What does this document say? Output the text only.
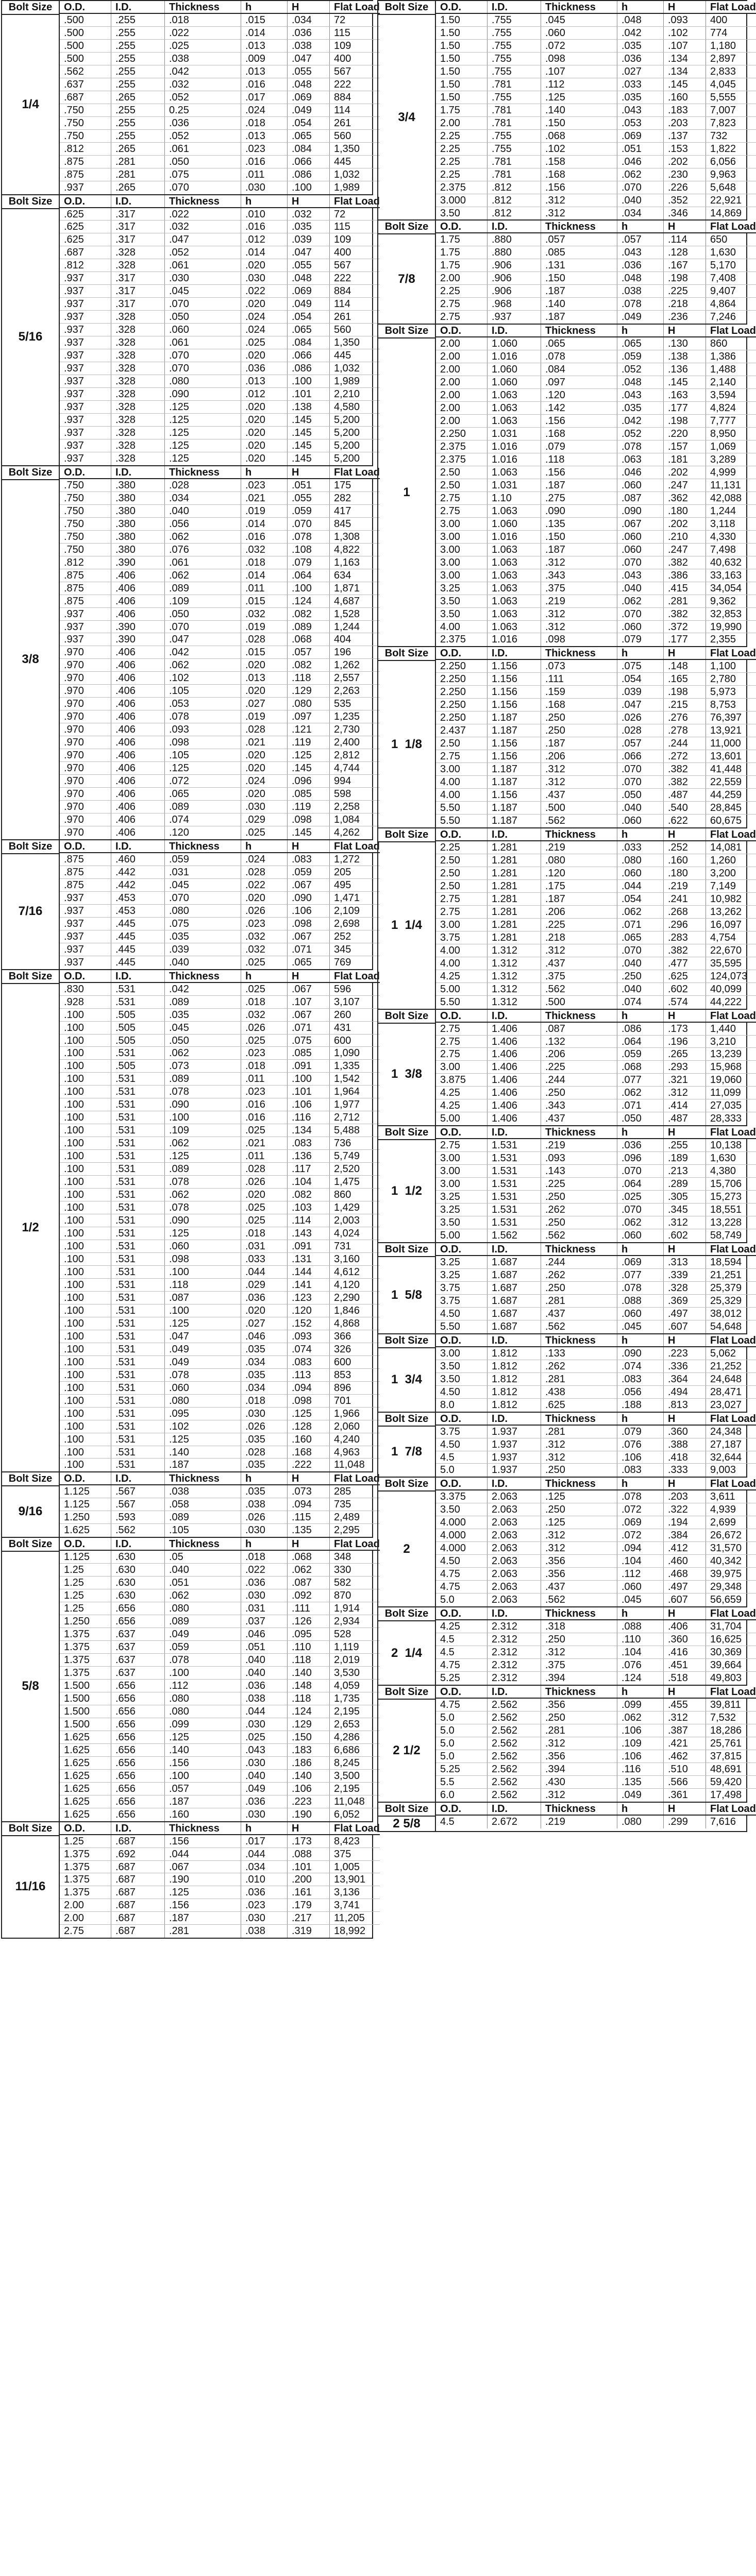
Bolt Size
1/4
O.D.	I.D.	Thickness	h	H	Flat Load
.500	.255	.018	.015	.034	72
.500	.255	.022	.014	.036	115
.500	.255	.025	.013	.038	109
.500	.255	.038	.009	.047	400
.562	.255	.042	.013	.055	567
.637	.255	.032	.016	.048	222
.687	.265	.052	.017	.069	884
.750	.255	0.25	.024	.049	114
.750	.255	.036	.018	.054	261
.750	.255	.052	.013	.065	560
.812	.265	.061	.023	.084	1,350
.875	.281	.050	.016	.066	445
.875	.281	.075	.011	.086	1,032
.937	.265	.070	.030	.100	1,989
Bolt Size
5/16
O.D.	I.D.	Thickness	h	H	Flat Load
.625	.317	.022	.010	.032	72
.625	.317	.032	.016	.035	115
.625	.317	.047	.012	.039	109
.687	.328	.052	.014	.047	400
.812	.328	.061	.020	.055	567
.937	.317	.030	.030	.048	222
.937	.317	.045	.022	.069	884
.937	.317	.070	.020	.049	114
.937	.328	.050	.024	.054	261
.937	.328	.060	.024	.065	560
.937	.328	.061	.025	.084	1,350
.937	.328	.070	.020	.066	445
.937	.328	.070	.036	.086	1,032
.937	.328	.080	.013	.100	1,989
.937	.328	.090	.012	.101	2,210
.937	.328	.125	.020	.138	4,580
.937	.328	.125	.020	.145	5,200
.937	.328	.125	.020	.145	5,200
.937	.328	.125	.020	.145	5,200
.937	.328	.125	.020	.145	5,200
Bolt Size
3/8
O.D.	I.D.	Thickness	h	H	Flat Load
.750	.380	.028	.023	.051	175
.750	.380	.034	.021	.055	282
.750	.380	.040	.019	.059	417
.750	.380	.056	.014	.070	845
.750	.380	.062	.016	.078	1,308
.750	.380	.076	.032	.108	4,822
.812	.390	.061	.018	.079	1,163
.875	.406	.062	.014	.064	634
.875	.406	.089	.011	.100	1,871
.875	.406	.109	.015	.124	4,687
.937	.406	.050	.032	.082	1,528
.937	.390	.070	.019	.089	1,244
.937	.390	.047	.028	.068	404
.970	.406	.042	.015	.057	196
.970	.406	.062	.020	.082	1,262
.970	.406	.102	.013	.118	2,557
.970	.406	.105	.020	.129	2,263
.970	.406	.053	.027	.080	535
.970	.406	.078	.019	.097	1,235
.970	.406	.093	.028	.121	2,730
.970	.406	.098	.021	.119	2,400
.970	.406	.105	.020	.125	2,812
.970	.406	.125	.020	.145	4,744
.970	.406	.072	.024	.096	994
.970	.406	.065	.020	.085	598
.970	.406	.089	.030	.119	2,258
.970	.406	.074	.029	.098	1,084
.970	.406	.120	.025	.145	4,262
Bolt Size
7/16
O.D.	I.D.	Thickness	h	H	Flat Load
.875	.460	.059	.024	.083	1,272
.875	.442	.031	.028	.059	205
.875	.442	.045	.022	.067	495
.937	.453	.070	.020	.090	1,471
.937	.453	.080	.026	.106	2,109
.937	.445	.075	.023	.098	2,698
.937	.445	.035	.032	.067	252
.937	.445	.039	.032	.071	345
.937	.445	.040	.025	.065	769
Bolt Size
1/2
O.D.	I.D.	Thickness	h	H	Flat Load
.830	.531	.042	.025	.067	596
.928	.531	.089	.018	.107	3,107
.100	.505	.035	.032	.067	260
.100	.505	.045	.026	.071	431
.100	.505	.050	.025	.075	600
.100	.531	.062	.023	.085	1,090
.100	.505	.073	.018	.091	1,335
.100	.531	.089	.011	.100	1,542
.100	.531	.078	.023	.101	1,964
.100	.531	.090	.016	.106	1,977
.100	.531	.100	.016	.116	2,712
.100	.531	.109	.025	.134	5,488
.100	.531	.062	.021	.083	736
.100	.531	.125	.011	.136	5,749
.100	.531	.089	.028	.117	2,520
.100	.531	.078	.026	.104	1,475
.100	.531	.062	.020	.082	860
.100	.531	.078	.025	.103	1,429
.100	.531	.090	.025	.114	2,003
.100	.531	.125	.018	.143	4,024
.100	.531	.060	.031	.091	731
.100	.531	.098	.033	.131	3,160
.100	.531	.100	.044	.144	4,612
.100	.531	.118	.029	.141	4,120
.100	.531	.087	.036	.123	2,290
.100	.531	.100	.020	.120	1,846
.100	.531	.125	.027	.152	4,868
.100	.531	.047	.046	.093	366
.100	.531	.049	.035	.074	326
.100	.531	.049	.034	.083	600
.100	.531	.078	.035	.113	853
.100	.531	.060	.034	.094	896
.100	.531	.080	.018	.098	701
.100	.531	.095	.030	.125	1,966
.100	.531	.102	.026	.128	2,060
.100	.531	.125	.035	.160	4,240
.100	.531	.140	.028	.168	4,963
.100	.531	.187	.035	.222	11,048
Bolt Size
9/16
O.D.	I.D.	Thickness	h	H	Flat Load
1.125	.567	.038	.035	.073	285
1.125	.567	.058	.038	.094	735
1.250	.593	.089	.026	.115	2,489
1.625	.562	.105	.030	.135	2,295
Bolt Size
5/8
O.D.	I.D.	Thickness	h	H	Flat Load
1.125	.630	.05	.018	.068	348
1.25	.630	.040	.022	.062	330
1.25	.630	.051	.036	.087	582
1.25	.630	.062	.030	.092	870
1.25	.656	.080	.031	.111	1,914
1.250	.656	.089	.037	.126	2,934
1.375	.637	.049	.046	.095	528
1.375	.637	.059	.051	.110	1,119
1.375	.637	.078	.040	.118	2,019
1.375	.637	.100	.040	.140	3,530
1.500	.656	.112	.036	.148	4,059
1.500	.656	.080	.038	.118	1,735
1.500	.656	.080	.044	.124	2,195
1.500	.656	.099	.030	.129	2,653
1.625	.656	.125	.025	.150	4,286
1.625	.656	.140	.043	.183	6,686
1.625	.656	.156	.030	.186	8,245
1.625	.656	.100	.040	.140	3,500
1.625	.656	.057	.049	.106	2,195
1.625	.656	.187	.036	.223	11,048
1.625	.656	.160	.030	.190	6,052
Bolt Size
11/16
O.D.	I.D.	Thickness	h	H	Flat Load
1.25	.687	.156	.017	.173	8,423
1.375	.692	.044	.044	.088	375
1.375	.687	.067	.034	.101	1,005
1.375	.687	.190	.010	.200	13,901
1.375	.687	.125	.036	.161	3,136
2.00	.687	.156	.023	.179	3,741
2.00	.687	.187	.030	.217	11,205
2.75	.687	.281	.038	.319	18,992
Bolt Size
3/4
O.D.	I.D.	Thickness	h	H	Flat Load
1.50	.755	.045	.048	.093	400
1.50	.755	.060	.042	.102	774
1.50	.755	.072	.035	.107	1,180
1.50	.755	.098	.036	.134	2,897
1.50	.755	.107	.027	.134	2,833
1.50	.781	.112	.033	.145	4,045
1.50	.755	.125	.035	.160	5,555
1.75	.781	.140	.043	.183	7,007
2.00	.781	.150	.053	.203	7,823
2.25	.755	.068	.069	.137	732
2.25	.755	.102	.051	.153	1,822
2.25	.781	.158	.046	.202	6,056
2.25	.781	.168	.062	.230	9,963
2.375	.812	.156	.070	.226	5,648
3.000	.812	.312	.040	.352	22,921
3.50	.812	.312	.034	.346	14,869
Bolt Size
7/8
O.D.	I.D.	Thickness	h	H	Flat Load
1.75	.880	.057	.057	.114	650
1.75	.880	.085	.043	.128	1,630
1.75	.906	.131	.036	.167	5,170
2.00	.906	.150	.048	.198	7,408
2.25	.906	.187	.038	.225	9,407
2.75	.968	.140	.078	.218	4,864
2.75	.937	.187	.049	.236	7,246
Bolt Size
1
O.D.	I.D.	Thickness	h	H	Flat Load
2.00	1.060	.065	.065	.130	860
2.00	1.016	.078	.059	.138	1,386
2.00	1.060	.084	.052	.136	1,488
2.00	1.060	.097	.048	.145	2,140
2.00	1.063	.120	.043	.163	3,594
2.00	1.063	.142	.035	.177	4,824
2.00	1.063	.156	.042	.198	7,777
2.250	1.031	.168	.052	.220	8,950
2.375	1.016	.079	.078	.157	1,069
2.375	1.016	.118	.063	.181	3,289
2.50	1.063	.156	.046	.202	4,999
2.50	1.031	.187	.060	.247	11,131
2.75	1.10	.275	.087	.362	42,088
2.75	1.063	.090	.090	.180	1,244
3.00	1.060	.135	.067	.202	3,118
3.00	1.016	.150	.060	.210	4,330
3.00	1.063	.187	.060	.247	7,498
3.00	1.063	.312	.070	.382	40,632
3.00	1.063	.343	.043	.386	33,163
3.25	1.063	.375	.040	.415	34,054
3.50	1.063	.219	.062	.281	9,362
3.50	1.063	.312	.070	.382	32,853
4.00	1.063	.312	.060	.372	19,990
2.375	1.016	.098	.079	.177	2,355
Bolt Size
1  1/8
O.D.	I.D.	Thickness	h	H	Flat Load
2.250	1.156	.073	.075	.148	1,100
2.250	1.156	.111	.054	.165	2,780
2.250	1.156	.159	.039	.198	5,973
2.250	1.156	.168	.047	.215	8,753
2.250	1.187	.250	.026	.276	76,397
2.437	1.187	.250	.028	.278	13,921
2.50	1.156	.187	.057	.244	11,000
2.75	1.156	.206	.066	.272	13,601
3.00	1.187	.312	.070	.382	41,448
4.00	1.187	.312	.070	.382	22,559
4.00	1.156	.437	.050	.487	44,259
5.50	1.187	.500	.040	.540	28,845
5.50	1.187	.562	.060	.622	60,675
Bolt Size
1  1/4
O.D.	I.D.	Thickness	h	H	Flat Load
2.25	1.281	.219	.033	.252	14,081
2.50	1.281	.080	.080	.160	1,260
2.50	1.281	.120	.060	.180	3,200
2.50	1.281	.175	.044	.219	7,149
2.75	1.281	.187	.054	.241	10,982
2.75	1.281	.206	.062	.268	13,262
3.00	1.281	.225	.071	.296	16,097
3.75	1.281	.218	.065	.283	4,754
4.00	1.312	.312	.070	.382	22,670
4.00	1.312	.437	.040	.477	35,595
4.25	1.312	.375	.250	.625	124,073
5.00	1.312	.562	.040	.602	40,099
5.50	1.312	.500	.074	.574	44,222
Bolt Size
1  3/8
O.D.	I.D.	Thickness	h	H	Flat Load
2.75	1.406	.087	.086	.173	1,440
2.75	1.406	.132	.064	.196	3,210
2.75	1.406	.206	.059	.265	13,239
3.00	1.406	.225	.068	.293	15,968
3.875	1.406	.244	.077	.321	19,060
4.25	1.406	.250	.062	.312	11,099
4.25	1.406	.343	.071	.414	27,035
5.00	1.406	.437	.050	.487	28,333
Bolt Size
1  1/2
O.D.	I.D.	Thickness	h	H	Flat Load
2.75	1.531	.219	.036	.255	10,138
3.00	1.531	.093	.096	.189	1,630
3.00	1.531	.143	.070	.213	4,380
3.00	1.531	.225	.064	.289	15,706
3.25	1.531	.250	.025	.305	15,273
3.25	1.531	.262	.070	.345	18,551
3.50	1.531	.250	.062	.312	13,228
5.00	1.562	.562	.060	.602	58,749
Bolt Size
1  5/8
O.D.	I.D.	Thickness	h	H	Flat Load
3.25	1.687	.244	.069	.313	18,594
3.25	1.687	.262	.077	.339	21,251
3.75	1.687	.250	.078	.328	25,379
3.75	1.687	.281	.088	.369	25,329
4.50	1.687	.437	.060	.497	38,012
5.50	1.687	.562	.045	.607	54,648
Bolt Size
1  3/4
O.D.	I.D.	Thickness	h	H	Flat Load
3.00	1.812	.133	.090	.223	5,062
3.50	1.812	.262	.074	.336	21,252
3.50	1.812	.281	.083	.364	24,648
4.50	1.812	.438	.056	.494	28,471
8.0	1.812	.625	.188	.813	23,027
Bolt Size
1  7/8
O.D.	I.D.	Thickness	h	H	Flat Load
3.75	1.937	.281	.079	.360	24,348
4.50	1.937	.312	.076	.388	27,187
4.5	1.937	.312	.106	.418	32,644
5.0	1.937	.250	.083	.333	9,003
Bolt Size
2
O.D.	I.D.	Thickness	h	H	Flat Load
3.375	2.063	.125	.078	.203	3,611
3.50	2.063	.250	.072	.322	4,939
4.000	2.063	.125	.069	.194	2,699
4.000	2.063	.312	.072	.384	26,672
4.000	2.063	.312	.094	.412	31,570
4.50	2.063	.356	.104	.460	40,342
4.75	2.063	.356	.112	.468	39,975
4.75	2.063	.437	.060	.497	29,348
5.0	2.063	.562	.045	.607	56,659
Bolt Size
2  1/4
O.D.	I.D.	Thickness	h	H	Flat Load
4.25	2.312	.318	.088	.406	31,704
4.5	2.312	.250	.110	.360	16,625
4.5	2.312	.312	.104	.416	30,369
4.75	2.312	.375	.076	.451	39,664
5.25	2.312	.394	.124	.518	49,803
Bolt Size
2 1/2
O.D.	I.D.	Thickness	h	H	Flat Load
4.75	2.562	.356	.099	.455	39,811
5.0	2.562	.250	.062	.312	7,532
5.0	2.562	.281	.106	.387	18,286
5.0	2.562	.312	.109	.421	25,761
5.0	2.562	.356	.106	.462	37,815
5.25	2.562	.394	.116	.510	48,691
5.5	2.562	.430	.135	.566	59,420
6.0	2.562	.312	.049	.361	17,498
Bolt Size
2 5/8
O.D.	I.D.	Thickness	h	H	Flat Load
4.5	2.672	.219	.080	.299	7,616
